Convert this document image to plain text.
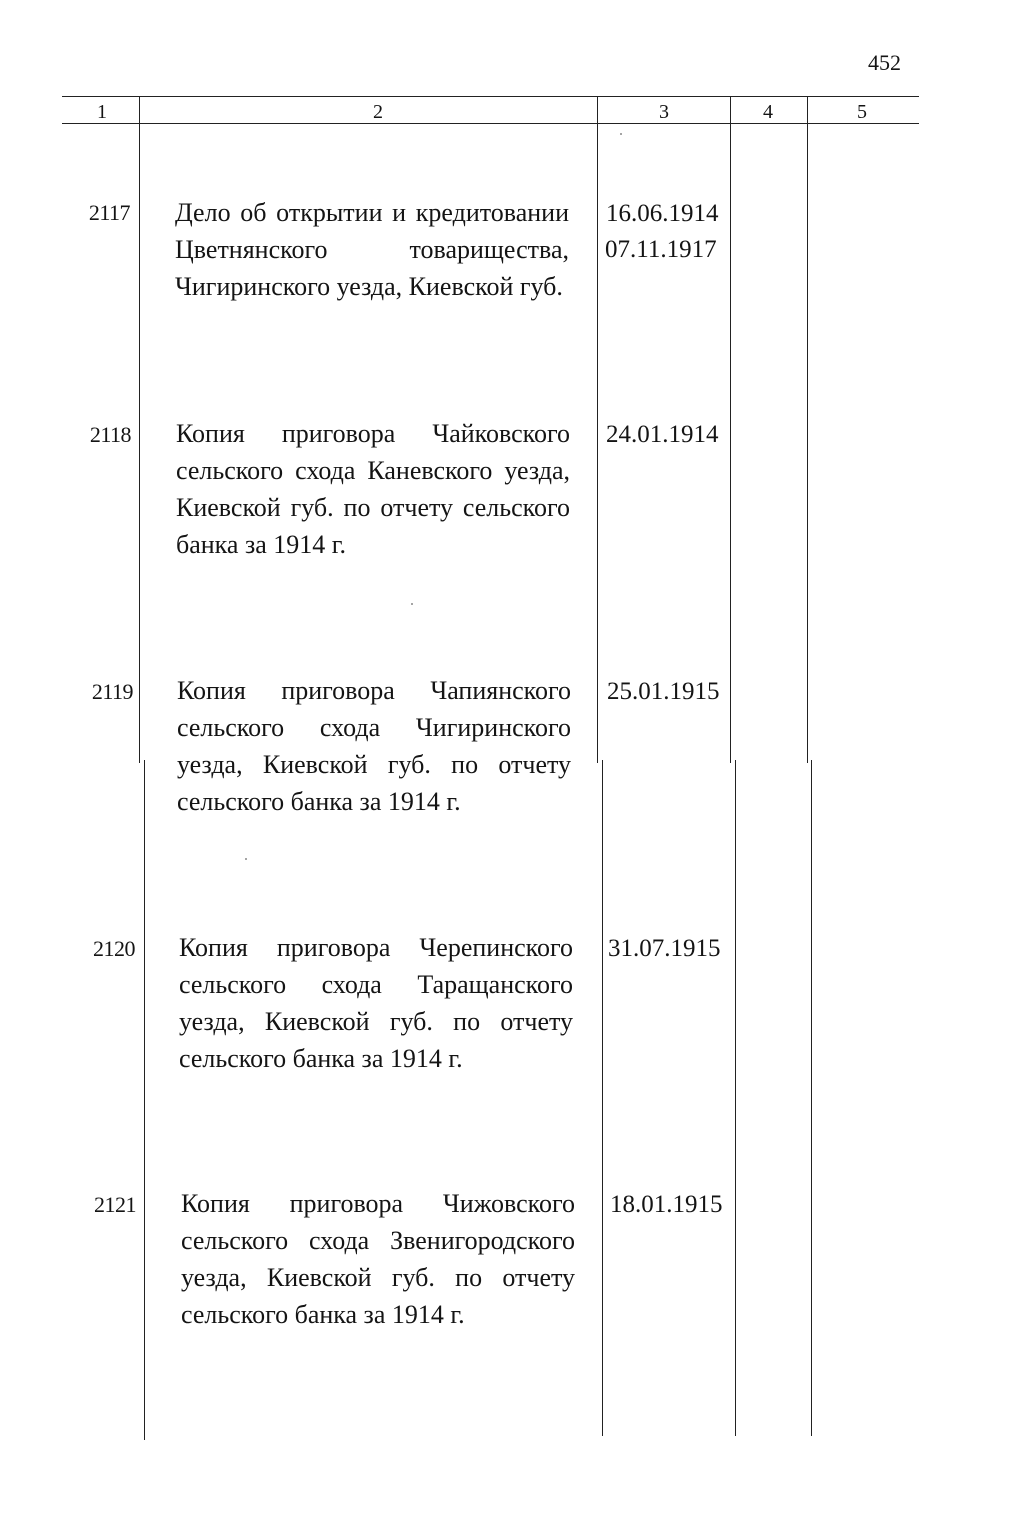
452
1	2	3	4	5
2117 Дело об открытии и кредитовании Цветнянского товарищества, Чигиринского уезда, Киевской губ.
16.06.1914
07.11.1917
2118 Копия приговора Чайковского сельского схода Каневского уезда, Киевской губ. по отчету сельского банка за 1914 г.
24.01.1914
2119 Копия приговора Чапиянского сельского схода Чигиринского уезда, Киевской губ. по отчету сельского банка за 1914 г.
25.01.1915
2120 Копия приговора Черепинского сельского схода Таращанского уезда, Киевской губ. по отчету сельского банка за 1914 г.
31.07.1915
2121 Копия приговора Чижовского сельского схода Звенигородского уезда, Киевской губ. по отчету сельского банка за 1914 г.
18.01.1915
